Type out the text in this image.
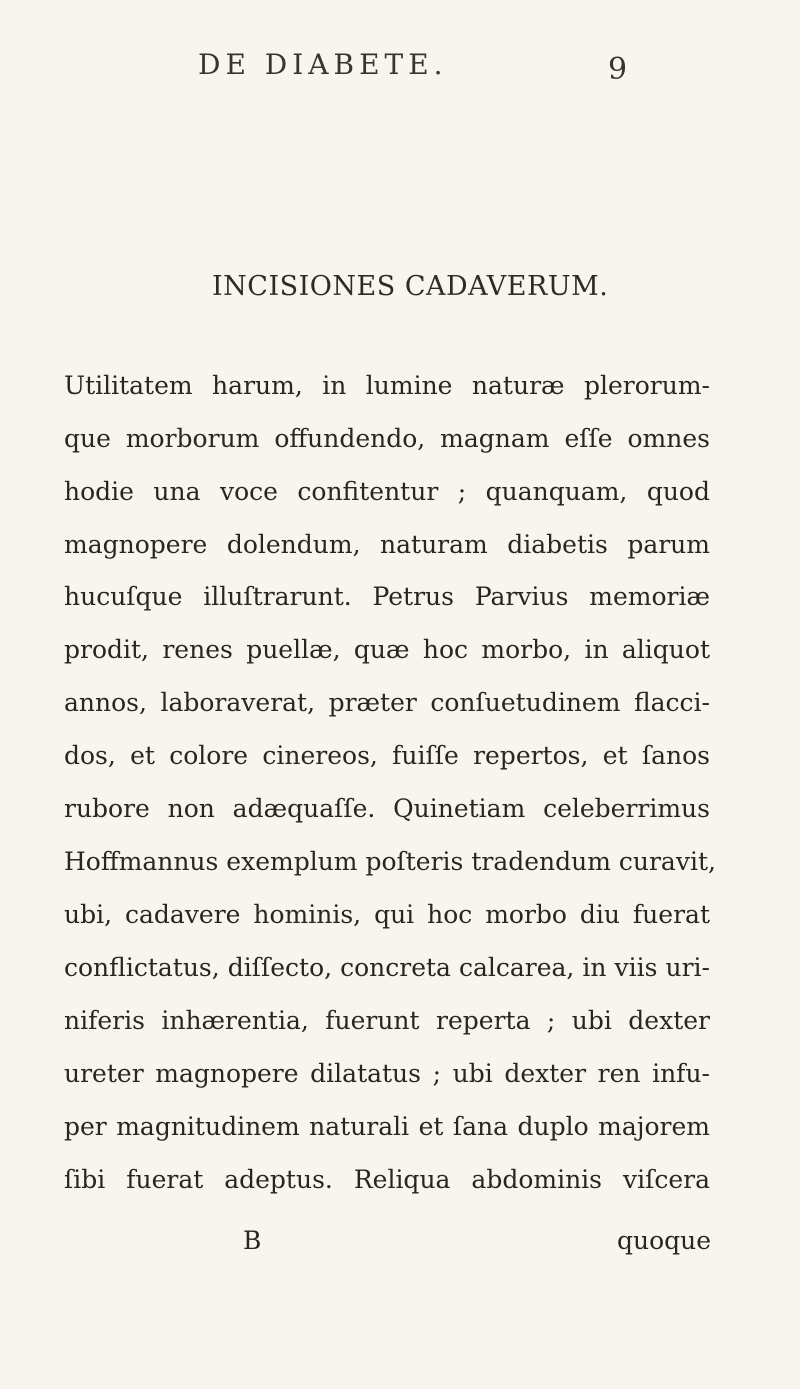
DE DIABETE.	9
INCISIONES CADAVERUM.
Utilitatem harum, in lumine naturæ plerorum-
que morborum offundendo, magnam eſſe omnes
hodie una voce confitentur ; quanquam, quod
magnopere dolendum, naturam diabetis parum
hucuſque illuſtrarunt. Petrus Parvius memoriæ
prodit, renes puellæ, quæ hoc morbo, in aliquot
annos, laboraverat, præter conſuetudinem flacci-
dos, et colore cinereos, fuiſſe repertos, et ſanos
rubore non adæquaſſe. Quinetiam celeberrimus
Hoffmannus exemplum poſteris tradendum curavit,
ubi, cadavere hominis, qui hoc morbo diu fuerat
conflictatus, diſſecto, concreta calcarea, in viis uri-
niferis inhærentia, fuerunt reperta ; ubi dexter
ureter magnopere dilatatus ; ubi dexter ren infu-
per magnitudinem naturali et ſana duplo majorem
ſibi fuerat adeptus. Reliqua abdominis viſcera
B	quoque
